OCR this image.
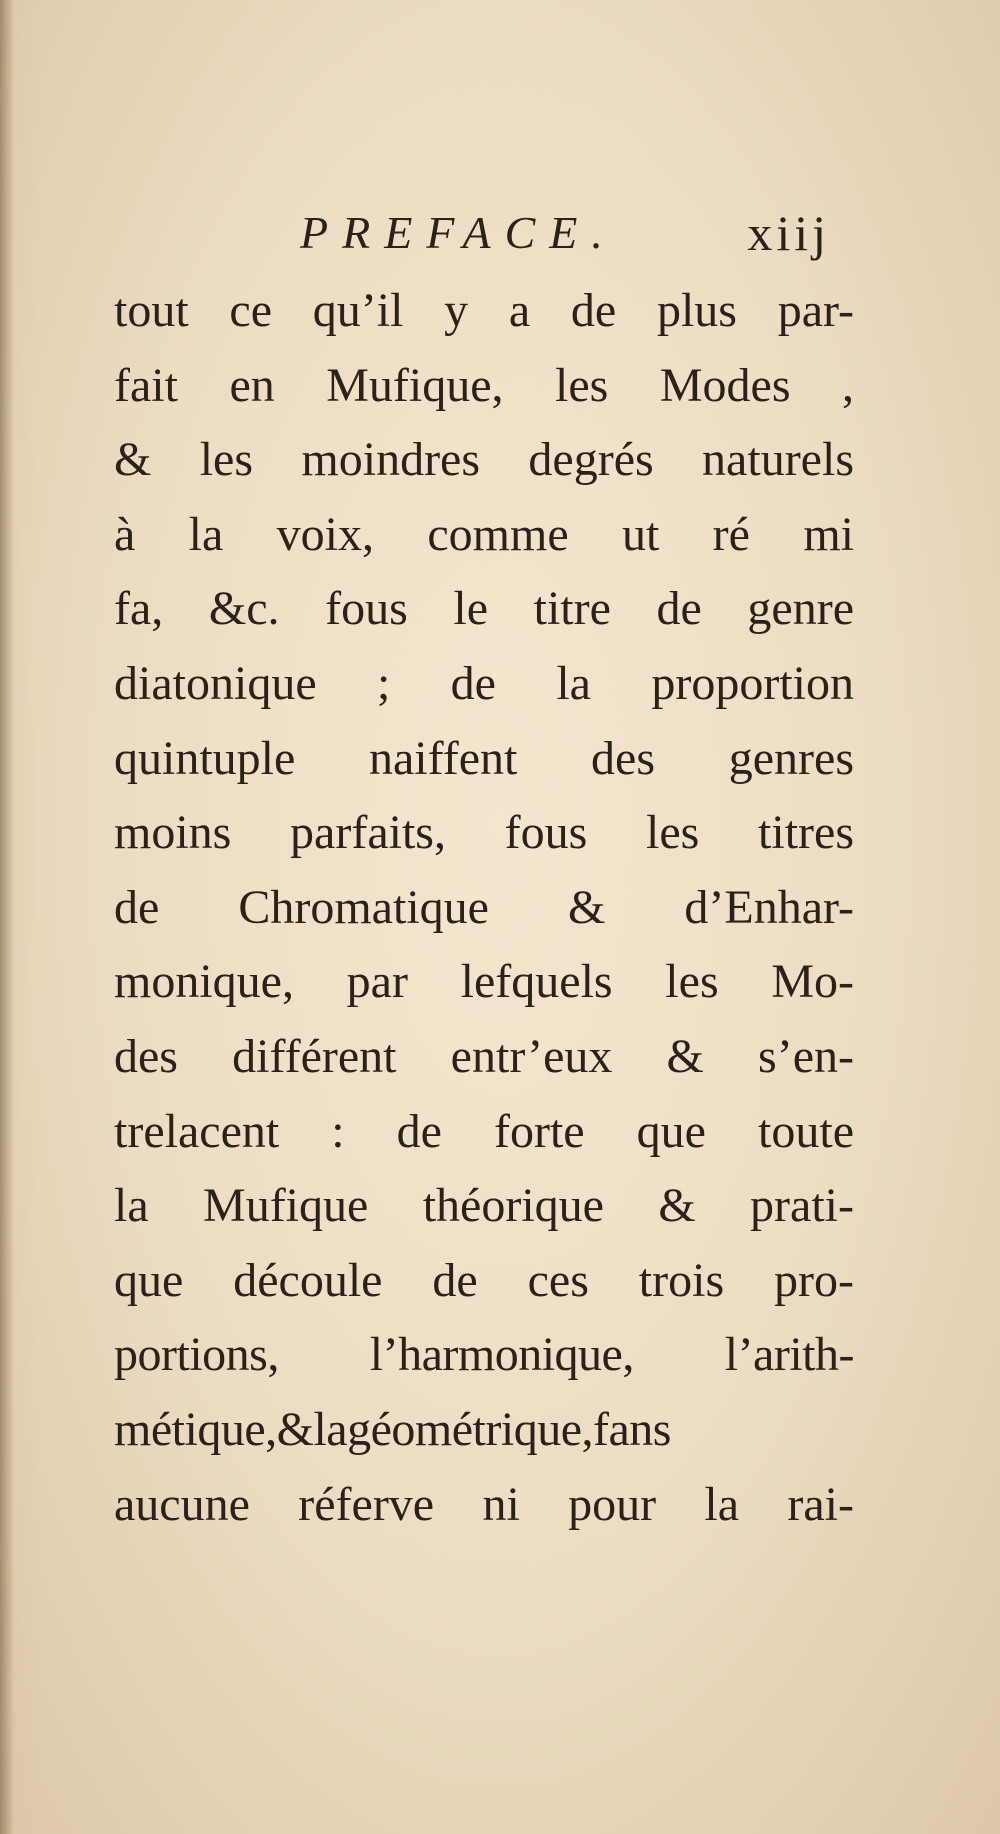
PREFACE.	xiij
tout ce qu’il y a de plus par-
fait en Mufique, les Modes ,
& les moindres degrés naturels
à la voix, comme ut ré mi
fa, &c. fous le titre de genre
diatonique ; de la proportion
quintuple naiffent des genres
moins parfaits, fous les titres
de Chromatique & d’Enhar-
monique, par lefquels les Mo-
des différent entr’eux & s’en-
trelacent : de forte que toute
la Mufique théorique & prati-
que découle de ces trois pro-
portions, l’harmonique, l’arith-
métique,&lagéométrique,fans
aucune réferve ni pour la rai-
